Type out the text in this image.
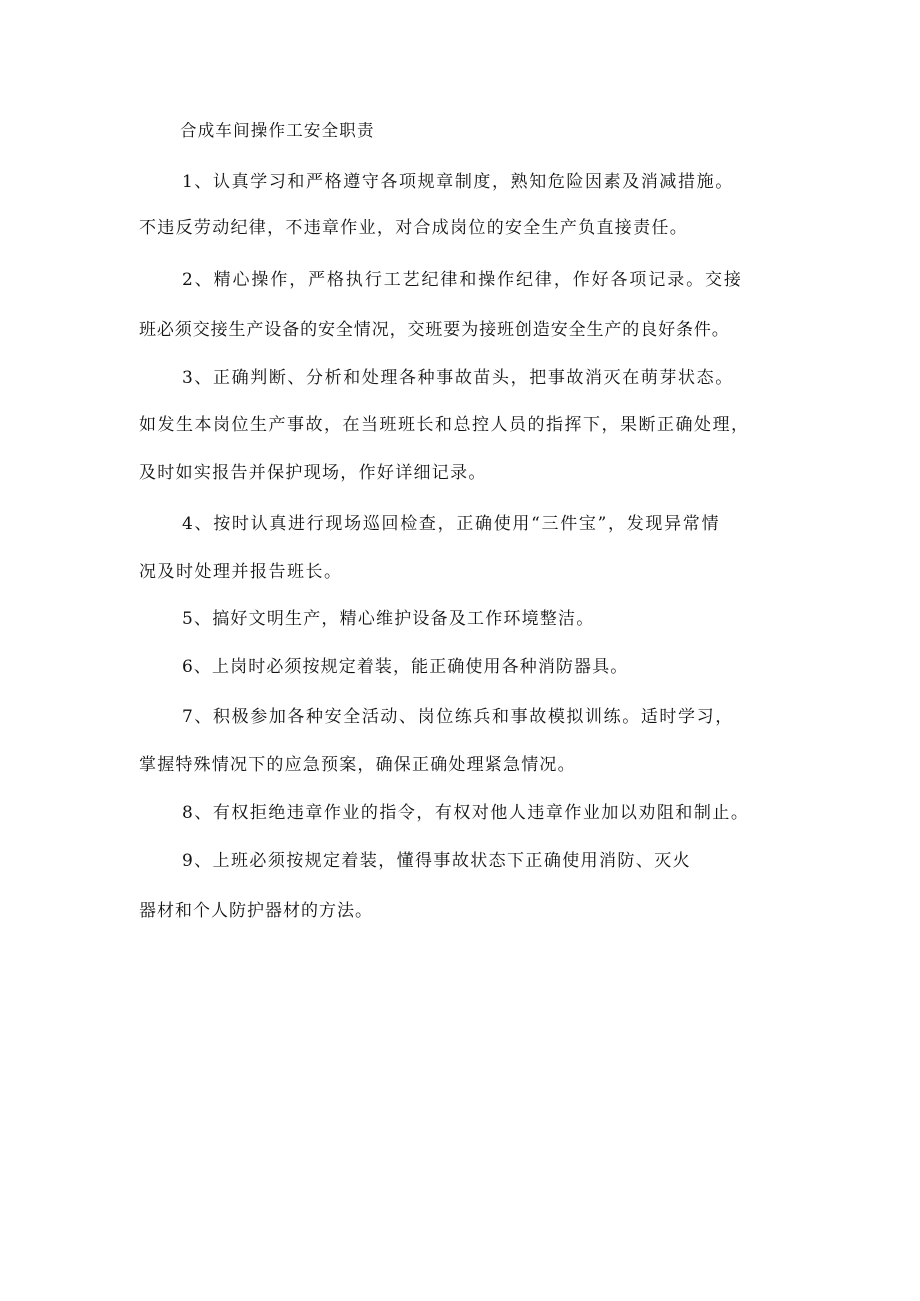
合成车间操作工安全职责

1、认真学习和严格遵守各项规章制度，熟知危险因素及消减措施。

不违反劳动纪律，不违章作业，对合成岗位的安全生产负直接责任。

2、精心操作，严格执行工艺纪律和操作纪律，作好各项记录。交接

班必须交接生产设备的安全情况，交班要为接班创造安全生产的良好条件。

3、正确判断、分析和处理各种事故苗头，把事故消灭在萌芽状态。

如发生本岗位生产事故，在当班班长和总控人员的指挥下，果断正确处理，

及时如实报告并保护现场，作好详细记录。

4、按时认真进行现场巡回检查，正确使用“三件宝”，发现异常情

况及时处理并报告班长。

5、搞好文明生产，精心维护设备及工作环境整洁。

6、上岗时必须按规定着装，能正确使用各种消防器具。

7、积极参加各种安全活动、岗位练兵和事故模拟训练。适时学习，

掌握特殊情况下的应急预案，确保正确处理紧急情况。

8、有权拒绝违章作业的指令，有权对他人违章作业加以劝阻和制止。

9、上班必须按规定着装，懂得事故状态下正确使用消防、灭火

器材和个人防护器材的方法。
